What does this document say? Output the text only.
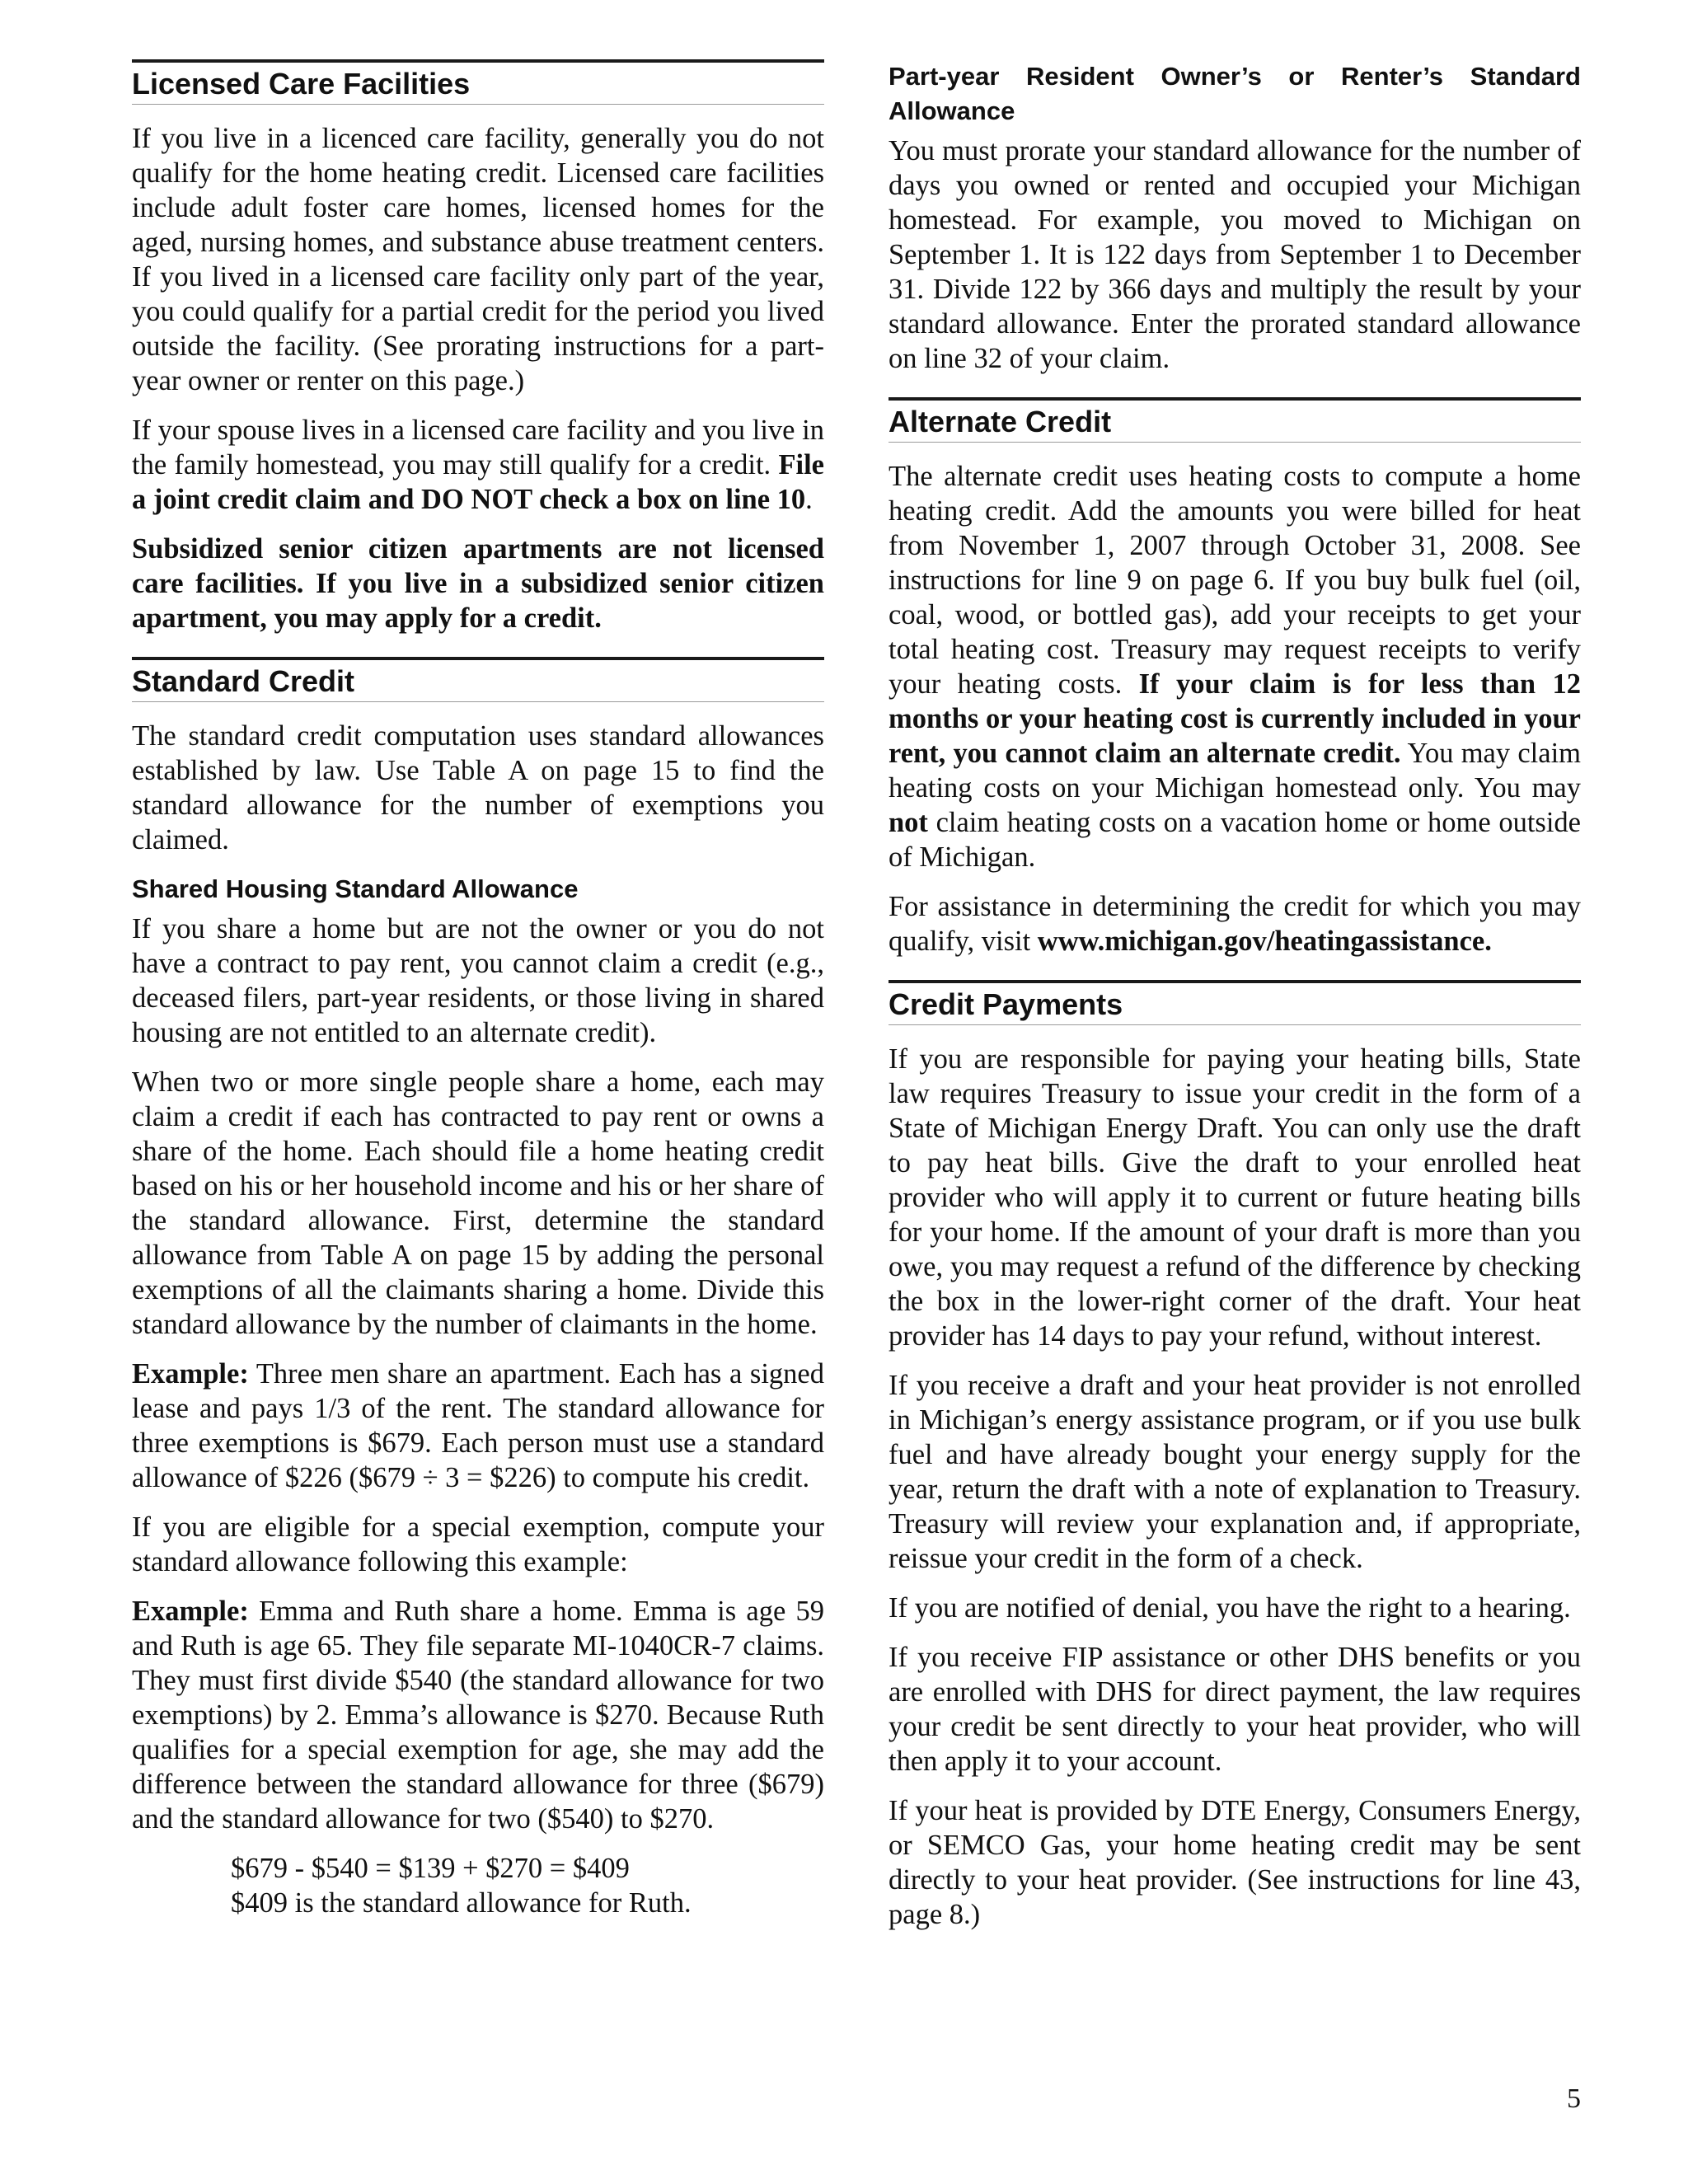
Licensed Care Facilities

If you live in a licenced care facility, generally you do not qualify for the home heating credit. Licensed care facilities include adult foster care homes, licensed homes for the aged, nursing homes, and substance abuse treatment centers. If you lived in a licensed care facility only part of the year, you could qualify for a partial credit for the period you lived outside the facility. (See prorating instructions for a part-year owner or renter on this page.)

If your spouse lives in a licensed care facility and you live in the family homestead, you may still qualify for a credit. File a joint credit claim and DO NOT check a box on line 10.

Subsidized senior citizen apartments are not licensed care facilities. If you live in a subsidized senior citizen apartment, you may apply for a credit.

Standard Credit

The standard credit computation uses standard allowances established by law. Use Table A on page 15 to find the standard allowance for the number of exemptions you claimed.

Shared Housing Standard Allowance

If you share a home but are not the owner or you do not have a contract to pay rent, you cannot claim a credit (e.g., deceased filers, part-year residents, or those living in shared housing are not entitled to an alternate credit).

When two or more single people share a home, each may claim a credit if each has contracted to pay rent or owns a share of the home. Each should file a home heating credit based on his or her household income and his or her share of the standard allowance. First, determine the standard allowance from Table A on page 15 by adding the personal exemptions of all the claimants sharing a home. Divide this standard allowance by the number of claimants in the home.

Example: Three men share an apartment. Each has a signed lease and pays 1/3 of the rent. The standard allowance for three exemptions is $679. Each person must use a standard allowance of $226 ($679 ÷ 3 = $226) to compute his credit.

If you are eligible for a special exemption, compute your standard allowance following this example:

Example: Emma and Ruth share a home. Emma is age 59 and Ruth is age 65. They file separate MI-1040CR-7 claims. They must first divide $540 (the standard allowance for two exemptions) by 2. Emma’s allowance is $270. Because Ruth qualifies for a special exemption for age, she may add the difference between the standard allowance for three ($679) and the standard allowance for two ($540) to $270.

$679 - $540 = $139 + $270 = $409

$409 is the standard allowance for Ruth.

Part-year Resident Owner’s or Renter’s Standard Allowance

You must prorate your standard allowance for the number of days you owned or rented and occupied your Michigan homestead. For example, you moved to Michigan on September 1. It is 122 days from September 1 to December 31. Divide 122 by 366 days and multiply the result by your standard allowance. Enter the prorated standard allowance on line 32 of your claim.

Alternate Credit

The alternate credit uses heating costs to compute a home heating credit. Add the amounts you were billed for heat from November 1, 2007 through October 31, 2008. See instructions for line 9 on page 6. If you buy bulk fuel (oil, coal, wood, or bottled gas), add your receipts to get your total heating cost. Treasury may request receipts to verify your heating costs. If your claim is for less than 12 months or your heating cost is currently included in your rent, you cannot claim an alternate credit. You may claim heating costs on your Michigan homestead only. You may not claim heating costs on a vacation home or home outside of Michigan.

For assistance in determining the credit for which you may qualify, visit www.michigan.gov/heatingassistance.

Credit Payments

If you are responsible for paying your heating bills, State law requires Treasury to issue your credit in the form of a State of Michigan Energy Draft. You can only use the draft to pay heat bills. Give the draft to your enrolled heat provider who will apply it to current or future heating bills for your home. If the amount of your draft is more than you owe, you may request a refund of the difference by checking the box in the lower-right corner of the draft. Your heat provider has 14 days to pay your refund, without interest.

If you receive a draft and your heat provider is not enrolled in Michigan’s energy assistance program, or if you use bulk fuel and have already bought your energy supply for the year, return the draft with a note of explanation to Treasury. Treasury will review your explanation and, if appropriate, reissue your credit in the form of a check.

If you are notified of denial, you have the right to a hearing.

If you receive FIP assistance or other DHS benefits or you are enrolled with DHS for direct payment, the law requires your credit be sent directly to your heat provider, who will then apply it to your account.

If your heat is provided by DTE Energy, Consumers Energy, or SEMCO Gas, your home heating credit may be sent directly to your heat provider. (See instructions for line 43, page 8.)

5
